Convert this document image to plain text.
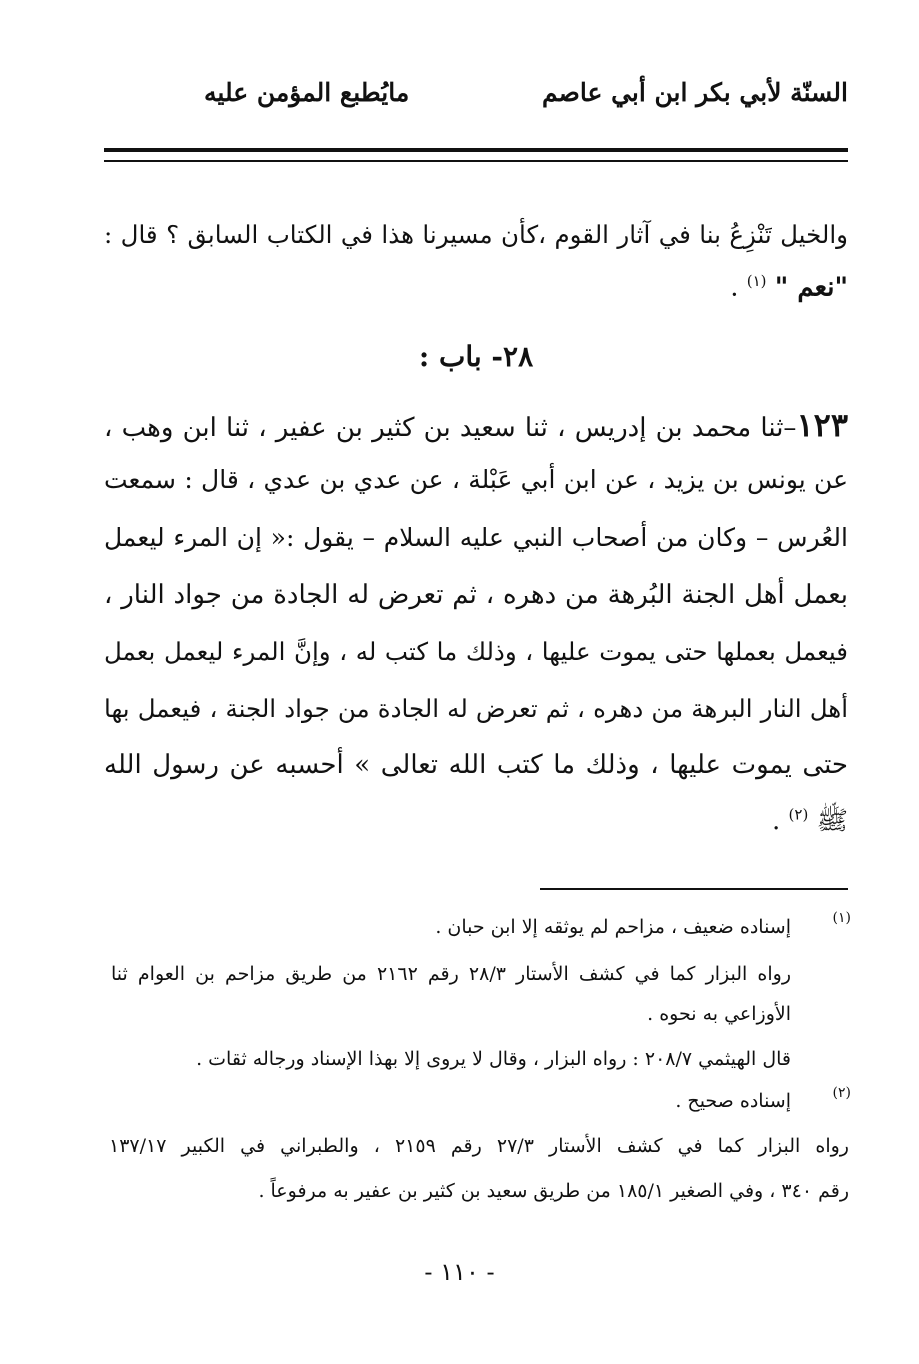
السنّة لأبي بكر ابن أبي عاصم
مايُطبع المؤمن عليه
والخيل تَنْزِعُ بنا في آثار القوم ،كأن مسيرنا هذا في الكتاب السابق ؟ قال :
"نعم " $^{(١)}$ .
٢٨- باب :
١٢٣–ثنا محمد بن إدريس ، ثنا سعيد بن كثير بن عفير ، ثنا ابن وهب ،
عن يونس بن يزيد ، عن ابن أبي عَبْلة ، عن عدي بن عدي ، قال : سمعت
العُرس – وكان من أصحاب النبي عليه السلام – يقول :« إن المرء ليعمل
بعمل أهل الجنة البُرهة من دهره ، ثم تعرض له الجادة من جواد النار ،
فيعمل بعملها حتى يموت عليها ، وذلك ما كتب له ، وإنَّ المرء ليعمل بعمل
أهل النار البرهة من دهره ، ثم تعرض له الجادة من جواد الجنة ، فيعمل بها
حتى يموت عليها ، وذلك ما كتب الله تعالى » أحسبه عن رسول الله
ﷺ $^{(٢)}$ .
(١)
إسناده ضعيف ، مزاحم لم يوثقه إلا ابن حبان .
رواه البزار كما في كشف الأستار ٢٨/٣ رقم ٢١٦٢ من طريق مزاحم بن العوام ثنا
الأوزاعي به نحوه .
قال الهيثمي ٢٠٨/٧ : رواه البزار ، وقال لا يروى إلا بهذا الإسناد ورجاله ثقات .
(٢)
إسناده صحيح .
رواه البزار كما في كشف الأستار ٢٧/٣ رقم ٢١٥٩ ، والطبراني في الكبير ١٣٧/١٧
رقم ٣٤٠ ، وفي الصغير ١٨٥/١ من طريق سعيد بن كثير بن عفير به مرفوعاً .
- ١١٠ -
